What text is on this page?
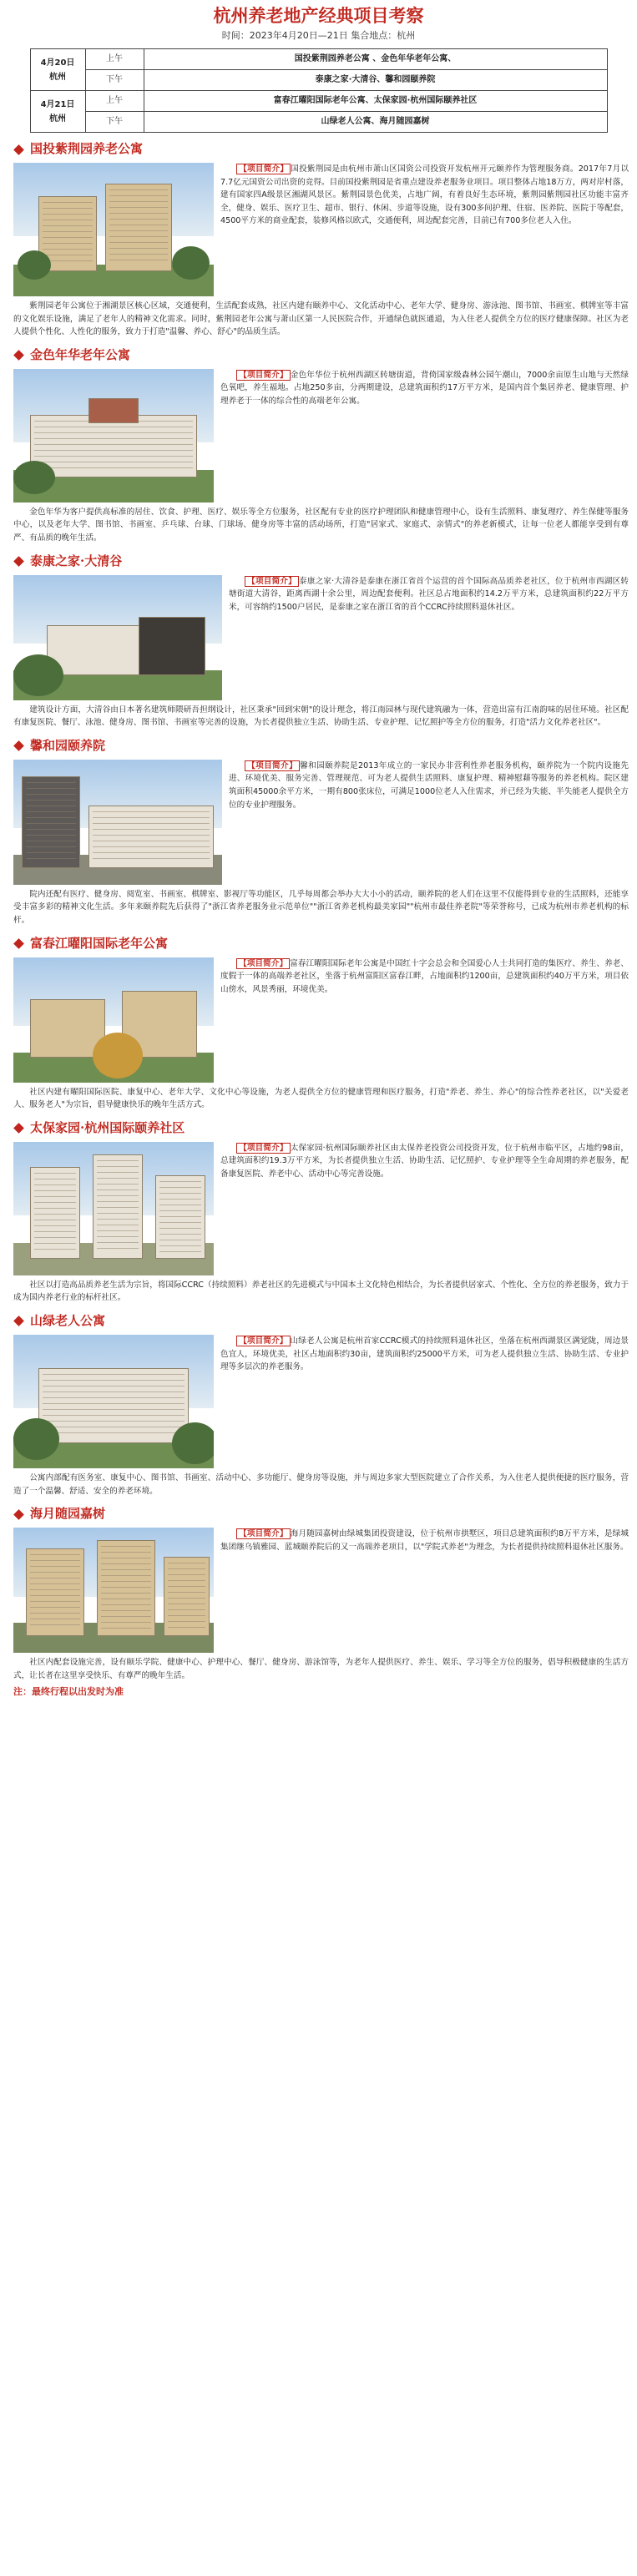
杭州养老地产经典项目考察
时间：2023年4月20日—21日 集合地点：杭州
4月20日
杭州	上午	国投紫荆园养老公寓 、金色年华老年公寓、
	下午	泰康之家·大清谷、馨和园颐养院
4月21日
杭州	上午	富春江曜阳国际老年公寓、太保家园·杭州国际颐养社区
	下午	山绿老人公寓、海月随园嘉树
国投紫荆园养老公寓
【项目简介】 国投紫荆园是由杭州市萧山区国资公司投资开发杭州开元颐养作为管理服务商。2017年7月以7.7亿元国资公司出资的竞得。目前国投紫荆园是省重点建设养老服务业项目。项目整体占地18万方，两对岸村落，建有国家四A级景区湘湖风景区。紫荆园景色优美，占地广阔，有着良好生态环境，紫荆园紫荆园社区功能丰富齐全，健身、娱乐、医疗卫生、超市、银行、休闲、步道等设施，设有300多间护理、住宿、医养院、医院于等配套，4500平方米的商业配套，装修风格以欧式，交通便利，周边配套完善，目前已有700多位老人入住。
紫荆园老年公寓位于湘湖景区核心区域，交通便利，生活配套成熟，社区内建有颐养中心、文化活动中心、老年大学、健身房、游泳池、图书馆、书画室、棋牌室等丰富的文化娱乐设施，满足了老年人的精神文化需求。同时，紫荆园老年公寓与萧山区第一人民医院合作，开通绿色就医通道，为入住老人提供全方位的医疗健康保障。社区为老人提供个性化、人性化的服务，致力于打造"温馨、养心、舒心"的品质生活。
金色年华老年公寓
【项目简介】 金色年华位于杭州西湖区转塘街道，背倚国家级森林公园午潮山，7000余亩原生山地与天然绿色氧吧，养生福地。占地250多亩，分两期建设，总建筑面积约17万平方米，是国内首个集居养老、健康管理、护理养老于一体的综合性的高端老年公寓。
金色年华为客户提供高标准的居住、饮食、护理、医疗、娱乐等全方位服务，社区配有专业的医疗护理团队和健康管理中心，设有生活照料、康复理疗、养生保健等服务中心，以及老年大学、图书馆、书画室、乒乓球、台球、门球场、健身房等丰富的活动场所，打造"居家式、家庭式、亲情式"的养老新模式，让每一位老人都能享受到有尊严、有品质的晚年生活。
泰康之家·大清谷
【项目简介】 泰康之家·大清谷是泰康在浙江省首个运营的首个国际高品质养老社区，位于杭州市西湖区转塘街道大清谷，距离西湖十余公里，周边配套便利。社区总占地面积约14.2万平方米，总建筑面积约22万平方米，可容纳约1500户居民，是泰康之家在浙江省的首个CCRC持续照料退休社区。
建筑设计方面，大清谷由日本著名建筑师隈研吾担纲设计，社区秉承"回到宋朝"的设计理念，将江南园林与现代建筑融为一体，营造出富有江南韵味的居住环境。社区配有康复医院、餐厅、泳池、健身房、图书馆、书画室等完善的设施，为长者提供独立生活、协助生活、专业护理、记忆照护等全方位的服务，打造"活力文化养老社区"。
馨和园颐养院
【项目简介】 馨和园颐养院是2013年成立的一家民办非营利性养老服务机构，颐养院为一个院内设施先进、环境优美、服务完善、管理规范、可为老人提供生活照料、康复护理、精神慰藉等服务的养老机构。院区建筑面积45000余平方米，一期有800张床位，可满足1000位老人入住需求，并已经为失能、半失能老人提供全方位的专业护理服务。
院内还配有医疗、健身房、阅览室、书画室、棋牌室、影视厅等功能区，几乎每周都会举办大大小小的活动，颐养院的老人们在这里不仅能得到专业的生活照料，还能享受丰富多彩的精神文化生活。多年来颐养院先后获得了"浙江省养老服务业示范单位""浙江省养老机构最美家园""杭州市最佳养老院"等荣誉称号，已成为杭州市养老机构的标杆。
富春江曜阳国际老年公寓
【项目简介】 富春江曜阳国际老年公寓是中国红十字会总会和全国爱心人士共同打造的集医疗、养生、养老、度假于一体的高端养老社区，坐落于杭州富阳区富春江畔，占地面积约1200亩，总建筑面积约40万平方米，项目依山傍水，风景秀丽，环境优美。
社区内建有曜阳国际医院、康复中心、老年大学、文化中心等设施，为老人提供全方位的健康管理和医疗服务，打造"养老、养生、养心"的综合性养老社区，以"关爱老人、服务老人"为宗旨，倡导健康快乐的晚年生活方式。
太保家园·杭州国际颐养社区
【项目简介】 太保家园·杭州国际颐养社区由太保养老投资公司投资开发，位于杭州市临平区，占地约98亩，总建筑面积约19.3万平方米，为长者提供独立生活、协助生活、记忆照护、专业护理等全生命周期的养老服务，配备康复医院、养老中心、活动中心等完善设施。
社区以打造高品质养老生活为宗旨，将国际CCRC（持续照料）养老社区的先进模式与中国本土文化特色相结合，为长者提供居家式、个性化、全方位的养老服务，致力于成为国内养老行业的标杆社区。
山绿老人公寓
【项目简介】 山绿老人公寓是杭州首家CCRC模式的持续照料退休社区，坐落在杭州西湖景区满觉陇，周边景色宜人，环境优美，社区占地面积约30亩，建筑面积约25000平方米，可为老人提供独立生活、协助生活、专业护理等多层次的养老服务。
公寓内部配有医务室、康复中心、图书馆、书画室、活动中心、多功能厅、健身房等设施，并与周边多家大型医院建立了合作关系，为入住老人提供便捷的医疗服务，营造了一个温馨、舒适、安全的养老环境。
海月随园嘉树
【项目简介】 海月随园嘉树由绿城集团投资建设，位于杭州市拱墅区，项目总建筑面积约8万平方米，是绿城集团继乌镇雅园、蓝城颐养院后的又一高端养老项目，以"学院式养老"为理念，为长者提供持续照料退休社区服务。
社区内配套设施完善，设有颐乐学院、健康中心、护理中心、餐厅、健身房、游泳馆等，为老年人提供医疗、养生、娱乐、学习等全方位的服务，倡导积极健康的生活方式，让长者在这里享受快乐、有尊严的晚年生活。
注：最终行程以出发时为准
